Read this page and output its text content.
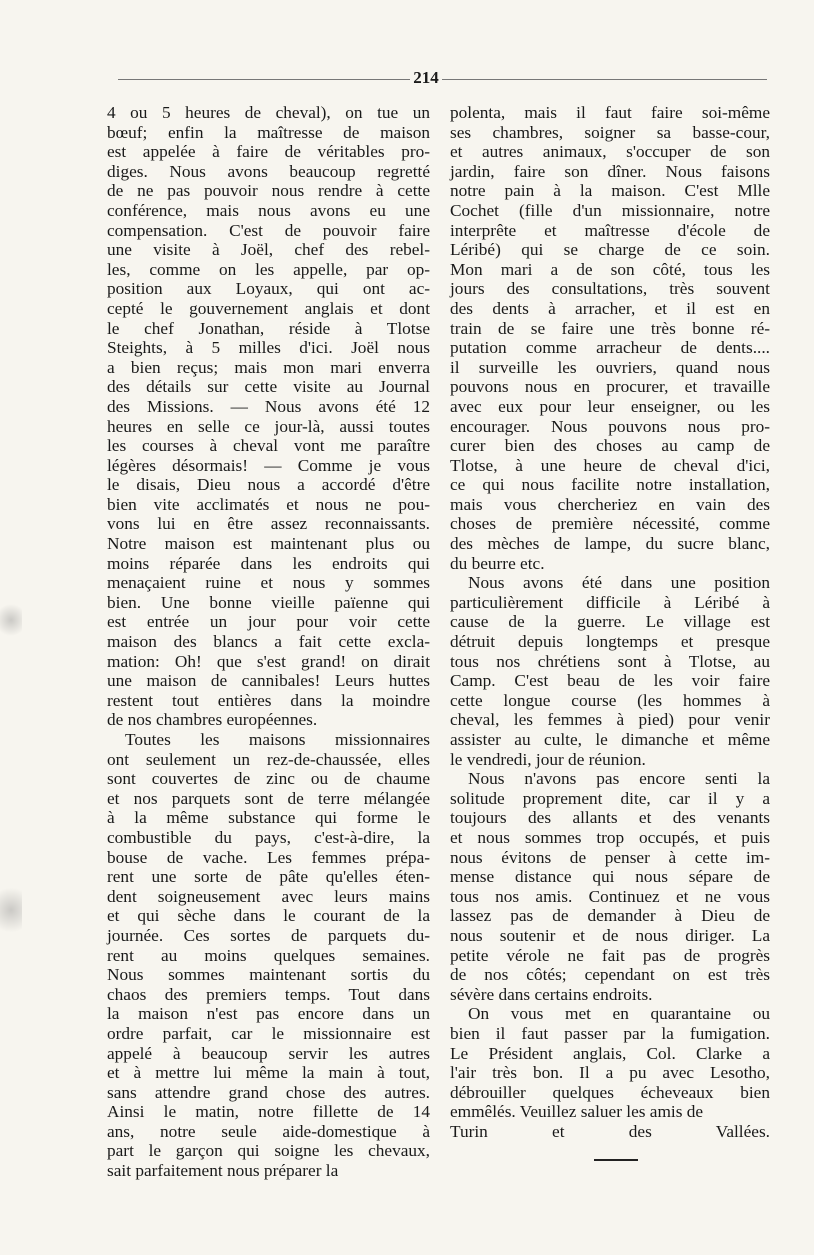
214
4 ou 5 heures de cheval), on tue un
bœuf; enfin la maîtresse de maison
est appelée à faire de véritables pro-
diges. Nous avons beaucoup regretté
de ne pas pouvoir nous rendre à cette
conférence, mais nous avons eu une
compensation. C'est de pouvoir faire
une visite à Joël, chef des rebel-
les, comme on les appelle, par op-
position aux Loyaux, qui ont ac-
cepté le gouvernement anglais et dont
le chef Jonathan, réside à Tlotse
Steights, à 5 milles d'ici. Joël nous
a bien reçus; mais mon mari enverra
des détails sur cette visite au Journal
des Missions. — Nous avons été 12
heures en selle ce jour-là, aussi toutes
les courses à cheval vont me paraître
légères désormais! — Comme je vous
le disais, Dieu nous a accordé d'être
bien vite acclimatés et nous ne pou-
vons lui en être assez reconnaissants.
Notre maison est maintenant plus ou
moins réparée dans les endroits qui
menaçaient ruine et nous y sommes
bien. Une bonne vieille païenne qui
est entrée un jour pour voir cette
maison des blancs a fait cette excla-
mation: Oh! que s'est grand! on dirait
une maison de cannibales! Leurs huttes
restent tout entières dans la moindre
de nos chambres européennes.
Toutes les maisons missionnaires
ont seulement un rez-de-chaussée, elles
sont couvertes de zinc ou de chaume
et nos parquets sont de terre mélangée
à la même substance qui forme le
combustible du pays, c'est-à-dire, la
bouse de vache. Les femmes prépa-
rent une sorte de pâte qu'elles éten-
dent soigneusement avec leurs mains
et qui sèche dans le courant de la
journée. Ces sortes de parquets du-
rent au moins quelques semaines.
Nous sommes maintenant sortis du
chaos des premiers temps. Tout dans
la maison n'est pas encore dans un
ordre parfait, car le missionnaire est
appelé à beaucoup servir les autres
et à mettre lui même la main à tout,
sans attendre grand chose des autres.
Ainsi le matin, notre fillette de 14
ans, notre seule aide-domestique à
part le garçon qui soigne les chevaux,
sait parfaitement nous préparer la
polenta, mais il faut faire soi-même
ses chambres, soigner sa basse-cour,
et autres animaux, s'occuper de son
jardin, faire son dîner. Nous faisons
notre pain à la maison. C'est Mlle
Cochet (fille d'un missionnaire, notre
interprête et maîtresse d'école de
Léribé) qui se charge de ce soin.
Mon mari a de son côté, tous les
jours des consultations, très souvent
des dents à arracher, et il est en
train de se faire une très bonne ré-
putation comme arracheur de dents....
il surveille les ouvriers, quand nous
pouvons nous en procurer, et travaille
avec eux pour leur enseigner, ou les
encourager. Nous pouvons nous pro-
curer bien des choses au camp de
Tlotse, à une heure de cheval d'ici,
ce qui nous facilite notre installation,
mais vous chercheriez en vain des
choses de première nécessité, comme
des mèches de lampe, du sucre blanc,
du beurre etc.
Nous avons été dans une position
particulièrement difficile à Léribé à
cause de la guerre. Le village est
détruit depuis longtemps et presque
tous nos chrétiens sont à Tlotse, au
Camp. C'est beau de les voir faire
cette longue course (les hommes à
cheval, les femmes à pied) pour venir
assister au culte, le dimanche et même
le vendredi, jour de réunion.
Nous n'avons pas encore senti la
solitude proprement dite, car il y a
toujours des allants et des venants
et nous sommes trop occupés, et puis
nous évitons de penser à cette im-
mense distance qui nous sépare de
tous nos amis. Continuez et ne vous
lassez pas de demander à Dieu de
nous soutenir et de nous diriger. La
petite vérole ne fait pas de progrès
de nos côtés; cependant on est très
sévère dans certains endroits.
On vous met en quarantaine ou
bien il faut passer par la fumigation.
Le Président anglais, Col. Clarke a
l'air très bon. Il a pu avec Lesotho,
débrouiller quelques écheveaux bien
emmêlés. Veuillez saluer les amis de
Turin et des Vallées.
